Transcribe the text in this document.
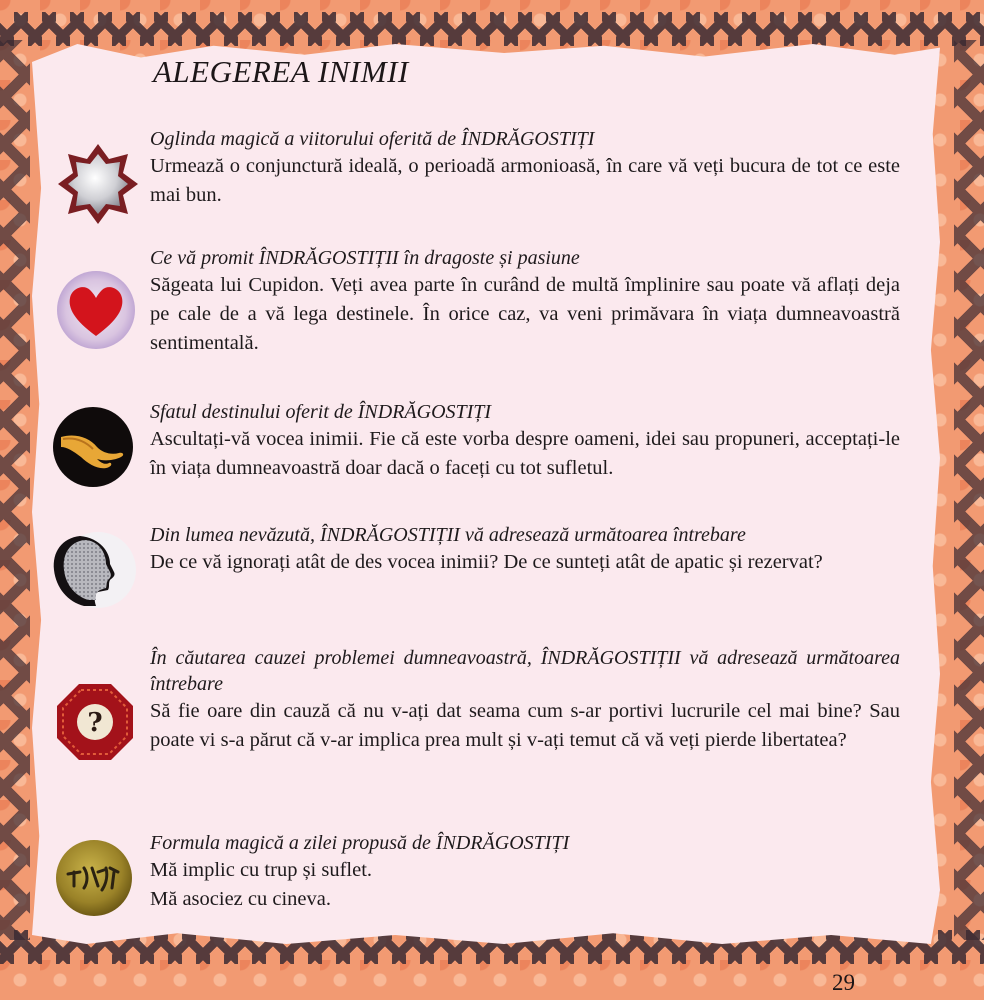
ALEGEREA INIMII

Oglinda magică a viitorului oferită de ÎNDRĂGOSTIȚI

Urmează o conjunctură ideală, o perioadă armonioasă, în care vă veți bucura de tot ce este mai bun.

Ce vă promit ÎNDRĂGOSTIȚII în dragoste și pasiune

Săgeata lui Cupidon. Veți avea parte în curând de multă împlinire sau poate vă aflați deja pe cale de a vă lega destinele. În orice caz, va veni primăvara în viața dumneavoastră sentimentală.

Sfatul destinului oferit de ÎNDRĂGOSTIȚI

Ascultați-vă vocea inimii. Fie că este vorba despre oameni, idei sau propuneri, acceptați-le în viața dumneavoastră doar dacă o faceți cu tot sufletul.

Din lumea nevăzută, ÎNDRĂGOSTIȚII vă adresează următoarea întrebare

De ce vă ignorați atât de des vocea inimii? De ce sunteți atât de apatic și rezervat?

?

În căutarea cauzei problemei dumneavoastră, ÎNDRĂGOSTIȚII vă adresează următoarea întrebare

Să fie oare din cauză că nu v-ați dat seama cum s-ar portivi lucrurile cel mai bine? Sau poate vi s-a părut că v-ar implica prea mult și v-ați temut că vă veți pierde libertatea?

Formula magică a zilei propusă de ÎNDRĂGOSTIȚI

Mă implic cu trup și suflet.

Mă asociez cu cineva.

29
